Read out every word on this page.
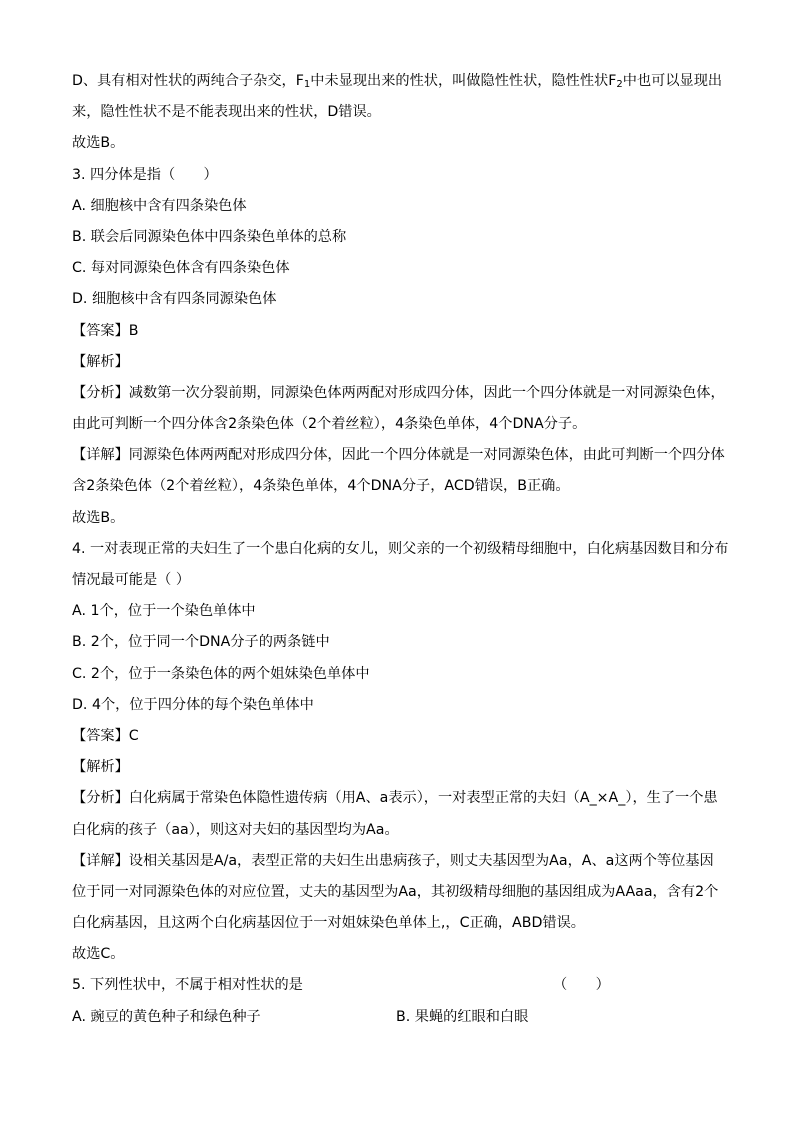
D、具有相对性状的两纯合子杂交，$F_1$中未显现出来的性状，叫做隐性性状，隐性性状$F_2$中也可以显现出
来，隐性性状不是不能表现出来的性状，D错误。
故选B。
3. 四分体是指（　　）
A. 细胞核中含有四条染色体
B. 联会后同源染色体中四条染色单体的总称
C. 每对同源染色体含有四条染色体
D. 细胞核中含有四条同源染色体
【答案】B
【解析】
【分析】减数第一次分裂前期，同源染色体两两配对形成四分体，因此一个四分体就是一对同源染色体，
由此可判断一个四分体含2条染色体（2个着丝粒），4条染色单体，4个DNA分子。
【详解】同源染色体两两配对形成四分体，因此一个四分体就是一对同源染色体，由此可判断一个四分体
含2条染色体（2个着丝粒），4条染色单体，4个DNA分子，ACD错误，B正确。
故选B。
4. 一对表现正常的夫妇生了一个患白化病的女儿，则父亲的一个初级精母细胞中，白化病基因数目和分布
情况最可能是（ ）
A. 1个，位于一个染色单体中
B. 2个，位于同一个DNA分子的两条链中
C. 2个，位于一条染色体的两个姐妹染色单体中
D. 4个，位于四分体的每个染色单体中
【答案】C
【解析】
【分析】白化病属于常染色体隐性遗传病（用A、a表示），一对表型正常的夫妇（A_×A_），生了一个患
白化病的孩子（aa），则这对夫妇的基因型均为Aa。
【详解】设相关基因是A/a，表型正常的夫妇生出患病孩子，则丈夫基因型为Aa，A、a这两个等位基因
位于同一对同源染色体的对应位置，丈夫的基因型为Aa，其初级精母细胞的基因组成为AAaa，含有2个
白化病基因，且这两个白化病基因位于一对姐妹染色单体上,，C正确，ABD错误。
故选C。
5. 下列性状中，不属于相对性状的是	（　　）
A. 豌豆的黄色种子和绿色种子	B. 果蝇的红眼和白眼
